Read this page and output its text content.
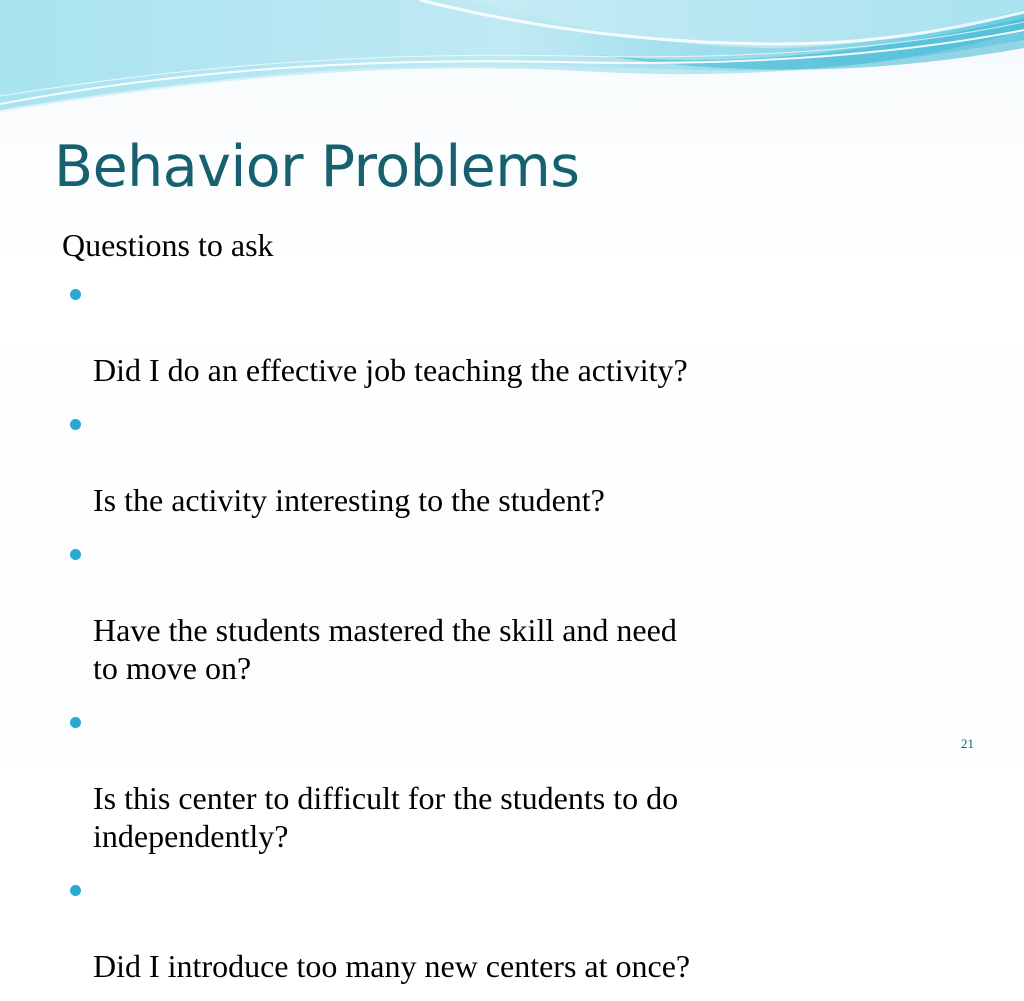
Behavior Problems

Questions to ask

Did I do an effective job teaching the activity?

Is the activity interesting to the student?

Have the students mastered the skill and need
to move on?

Is this center to difficult for the students to do
independently?

Did I introduce too many new centers at once?

21
